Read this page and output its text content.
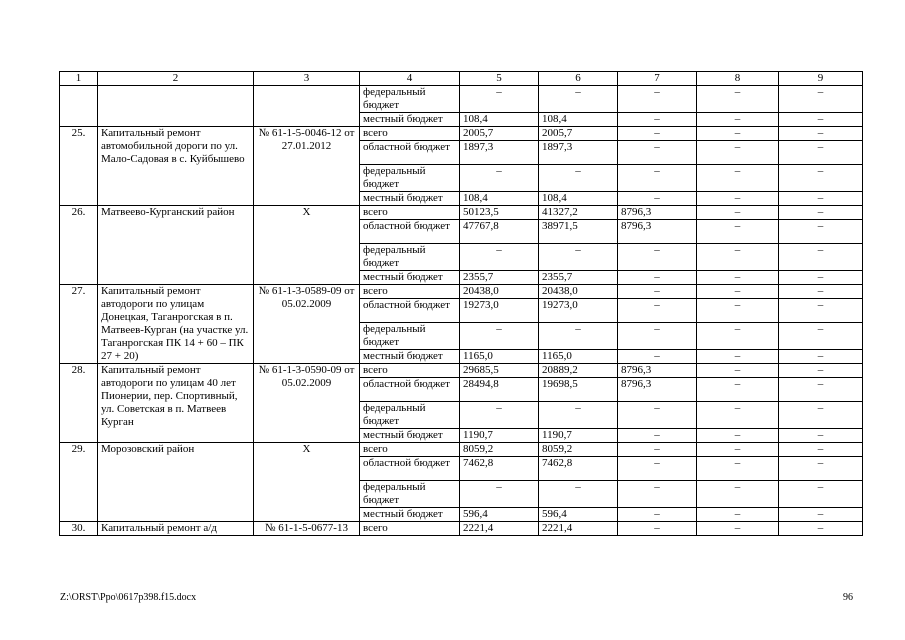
1	2	3	4	5	6	7	8	9
			федеральный бюджет	–	–	–	–	–
			местный бюджет	108,4	108,4	–	–	–
25.	Капитальный ремонт автомобильной дороги по ул. Мало-Садовая в с. Куйбышево	№ 61-1-5-0046-12 от 27.01.2012	всего	2005,7	2005,7	–	–	–
			областной бюджет	1897,3	1897,3	–	–	–
			федеральный бюджет	–	–	–	–	–
			местный бюджет	108,4	108,4	–	–	–
26.	Матвеево-Курганский район	Х	всего	50123,5	41327,2	8796,3	–	–
			областной бюджет	47767,8	38971,5	8796,3	–	–
			федеральный бюджет	–	–	–	–	–
			местный бюджет	2355,7	2355,7	–	–	–
27.	Капитальный ремонт автодороги по улицам Донецкая, Таганрогская в п. Матвеев-Курган (на участке ул. Таганрогская ПК 14 + 60 – ПК 27 + 20)	№ 61-1-3-0589-09 от 05.02.2009	всего	20438,0	20438,0	–	–	–
			областной бюджет	19273,0	19273,0	–	–	–
			федеральный бюджет	–	–	–	–	–
			местный бюджет	1165,0	1165,0	–	–	–
28.	Капитальный ремонт автодороги по улицам 40 лет Пионерии, пер. Спортивный, ул. Советская в п. Матвеев Курган	№ 61-1-3-0590-09 от 05.02.2009	всего	29685,5	20889,2	8796,3	–	–
			областной бюджет	28494,8	19698,5	8796,3	–	–
			федеральный бюджет	–	–	–	–	–
			местный бюджет	1190,7	1190,7	–	–	–
29.	Морозовский район	Х	всего	8059,2	8059,2	–	–	–
			областной бюджет	7462,8	7462,8	–	–	–
			федеральный бюджет	–	–	–	–	–
			местный бюджет	596,4	596,4	–	–	–
30.	Капитальный ремонт а/д	№ 61-1-5-0677-13	всего	2221,4	2221,4	–	–	–
Z:\ORST\Ppo\0617p398.f15.docx	96
